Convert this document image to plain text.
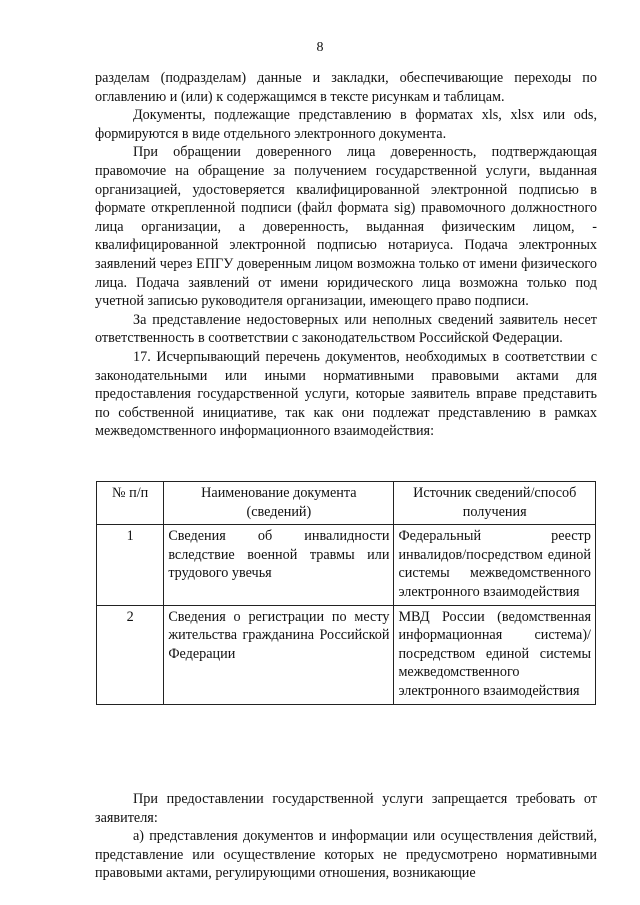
8

разделам (подразделам) данные и закладки, обеспечивающие переходы по оглавлению и (или) к содержащимся в тексте рисункам и таблицам.

Документы, подлежащие представлению в форматах xls, xlsx или ods, формируются в виде отдельного электронного документа.

При обращении доверенного лица доверенность, подтверждающая правомочие на обращение за получением государственной услуги, выданная организацией, удостоверяется квалифицированной электронной подписью в формате открепленной подписи (файл формата sig) правомочного должностного лица организации, а доверенность, выданная физическим лицом, - квалифицированной электронной подписью нотариуса. Подача электронных заявлений через ЕПГУ доверенным лицом возможна только от имени физического лица. Подача заявлений от имени юридического лица возможна только под учетной записью руководителя организации, имеющего право подписи.

За представление недостоверных или неполных сведений заявитель несет ответственность в соответствии с законодательством Российской Федерации.

17. Исчерпывающий перечень документов, необходимых в соответствии с законодательными или иными нормативными правовыми актами для предоставления государственной услуги, которые заявитель вправе представить по собственной инициативе, так как они подлежат представлению в рамках межведомственного информационного взаимодействия:

№ п/п	Наименование документа (сведений)	Источник сведений/способ получения
1	Сведения об инвалидности вследствие военной травмы или трудового увечья	Федеральный реестр инвалидов/посредством единой системы межведомственного электронного взаимодействия
2	Сведения о регистрации по месту жительства гражданина Российской Федерации	МВД России (ведомственная информационная система)/посредством единой системы межведомственного электронного взаимодействия

При предоставлении государственной услуги запрещается требовать от заявителя:

а) представления документов и информации или осуществления действий, представление или осуществление которых не предусмотрено нормативными правовыми актами, регулирующими отношения, возникающие
